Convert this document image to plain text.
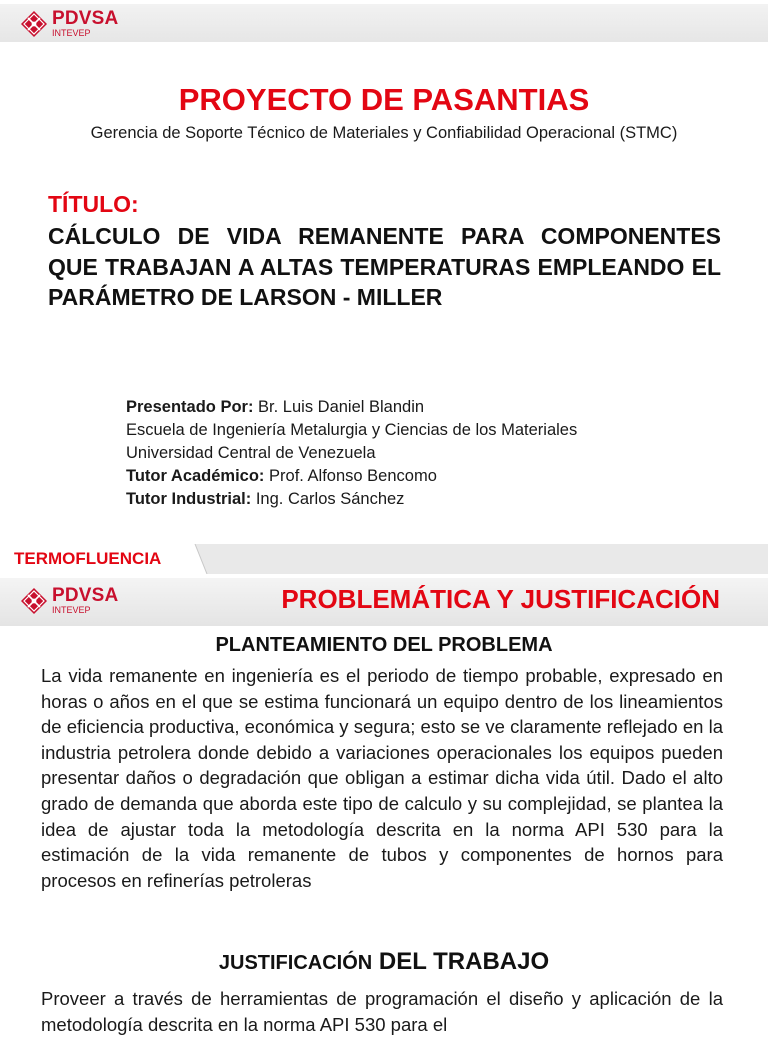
PDVSA
INTEVEP
PROYECTO DE PASANTIAS
Gerencia de Soporte Técnico de Materiales y Confiabilidad Operacional (STMC)
TÍTULO:
CÁLCULO DE VIDA REMANENTE PARA COMPONENTES QUE TRABAJAN A ALTAS TEMPERATURAS EMPLEANDO EL PARÁMETRO DE LARSON - MILLER
Presentado Por: Br. Luis Daniel Blandin
Escuela de Ingeniería Metalurgia y Ciencias de los Materiales
Universidad Central de Venezuela
Tutor Académico: Prof. Alfonso Bencomo
Tutor Industrial: Ing. Carlos Sánchez
TERMOFLUENCIA
PDVSA
INTEVEP	PROBLEMÁTICA Y JUSTIFICACIÓN
PLANTEAMIENTO DEL PROBLEMA
La vida remanente en ingeniería es el periodo de tiempo probable, expresado en horas o años en el que se estima funcionará un equipo dentro de los lineamientos de eficiencia productiva, económica y segura; esto se ve claramente reflejado en la industria petrolera donde debido a variaciones operacionales los equipos pueden presentar daños o degradación que obligan a estimar dicha vida útil. Dado el alto grado de demanda que aborda este tipo de calculo y su complejidad, se plantea la idea de ajustar toda la metodología descrita en la norma API 530 para la estimación de la vida remanente de tubos y componentes de hornos para procesos en refinerías petroleras
JUSTIFICACIÓN DEL TRABAJO
Proveer a través de herramientas de programación el diseño y aplicación de la metodología descrita en la norma API 530 para el
